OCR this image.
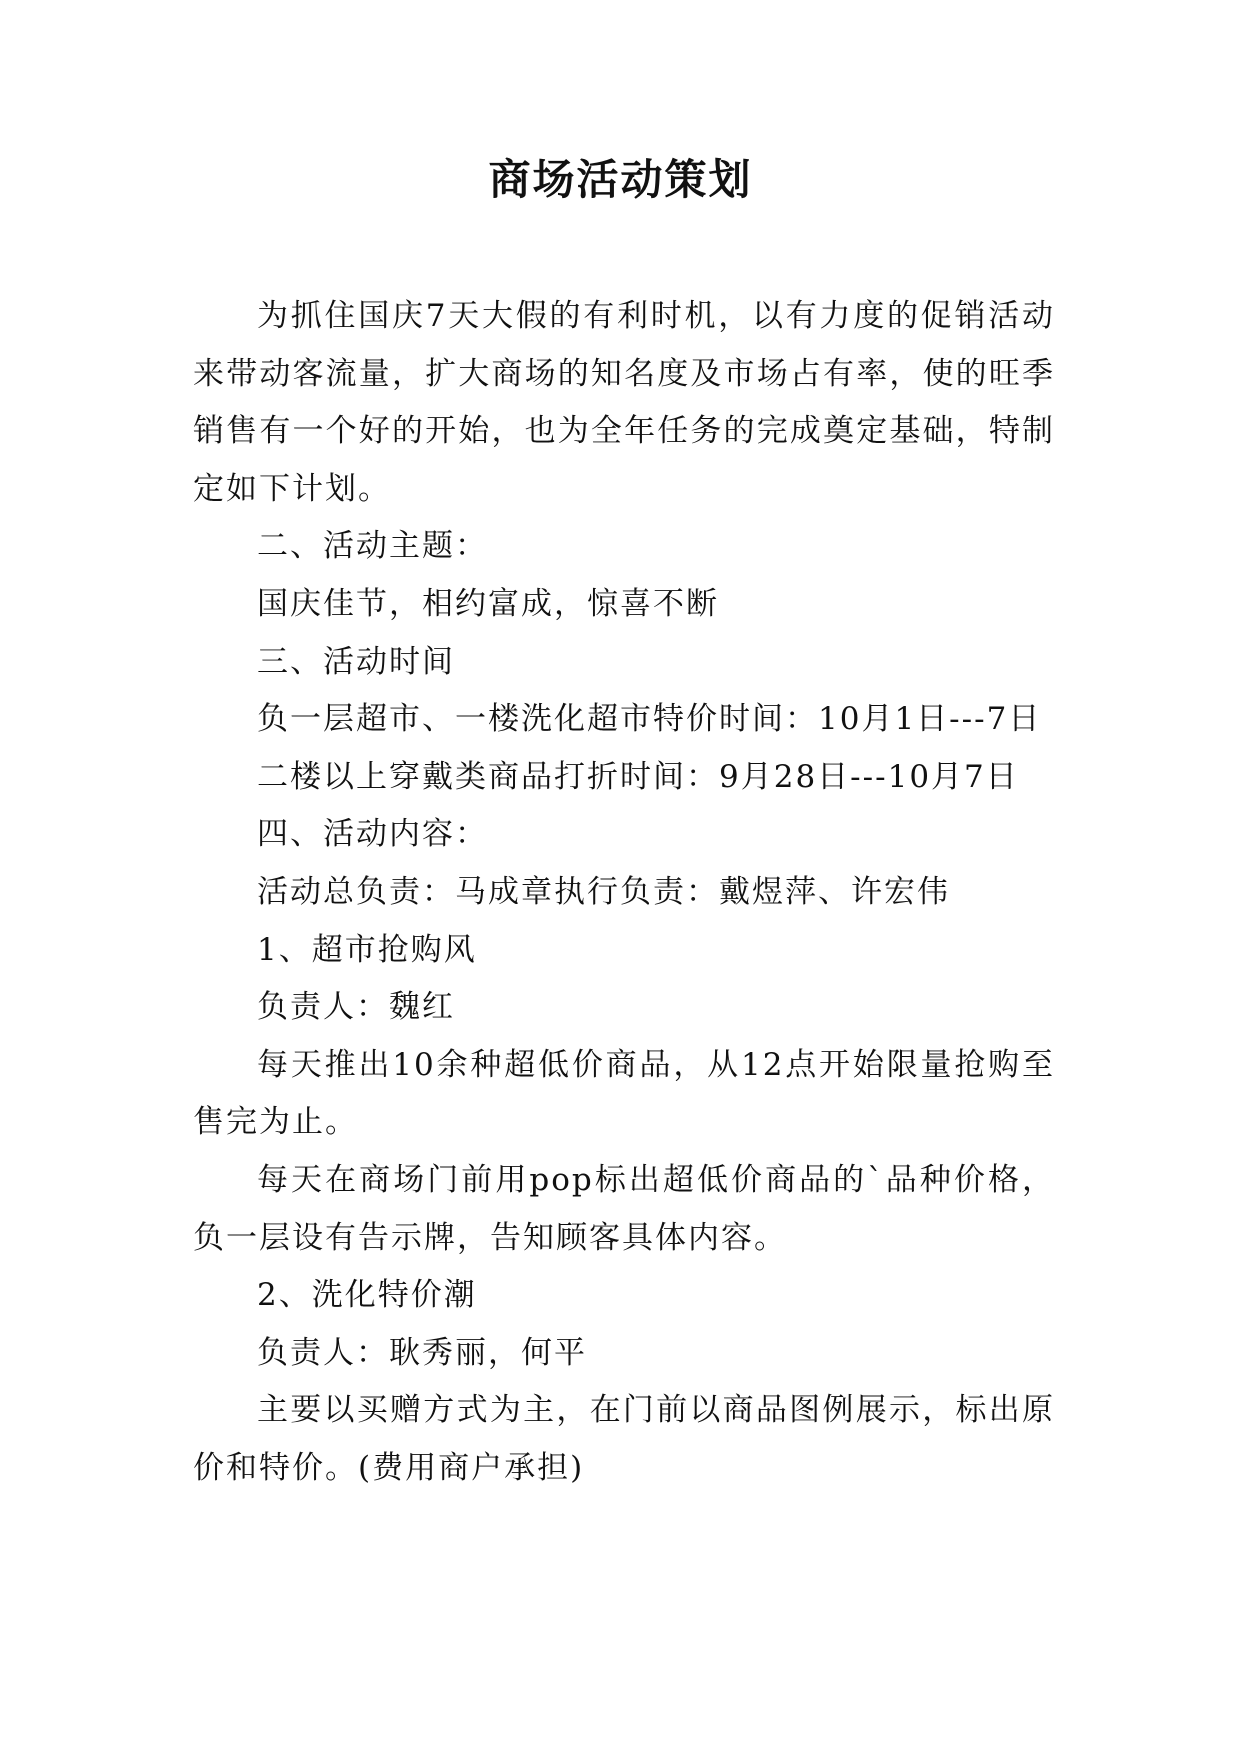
商场活动策划

为抓住国庆7天大假的有利时机，以有力度的促销活动来带动客流量，扩大商场的知名度及市场占有率，使的旺季销售有一个好的开始，也为全年任务的完成奠定基础，特制定如下计划。

二、活动主题：

国庆佳节，相约富成，惊喜不断

三、活动时间

负一层超市、一楼洗化超市特价时间：10月1日---7日

二楼以上穿戴类商品打折时间：9月28日---10月7日

四、活动内容：

活动总负责：马成章执行负责：戴煜萍、许宏伟

1、超市抢购风

负责人：魏红

每天推出10余种超低价商品，从12点开始限量抢购至售完为止。

每天在商场门前用pop标出超低价商品的`品种价格，负一层设有告示牌，告知顾客具体内容。

2、洗化特价潮

负责人：耿秀丽，何平

主要以买赠方式为主，在门前以商品图例展示，标出原价和特价。(费用商户承担)
